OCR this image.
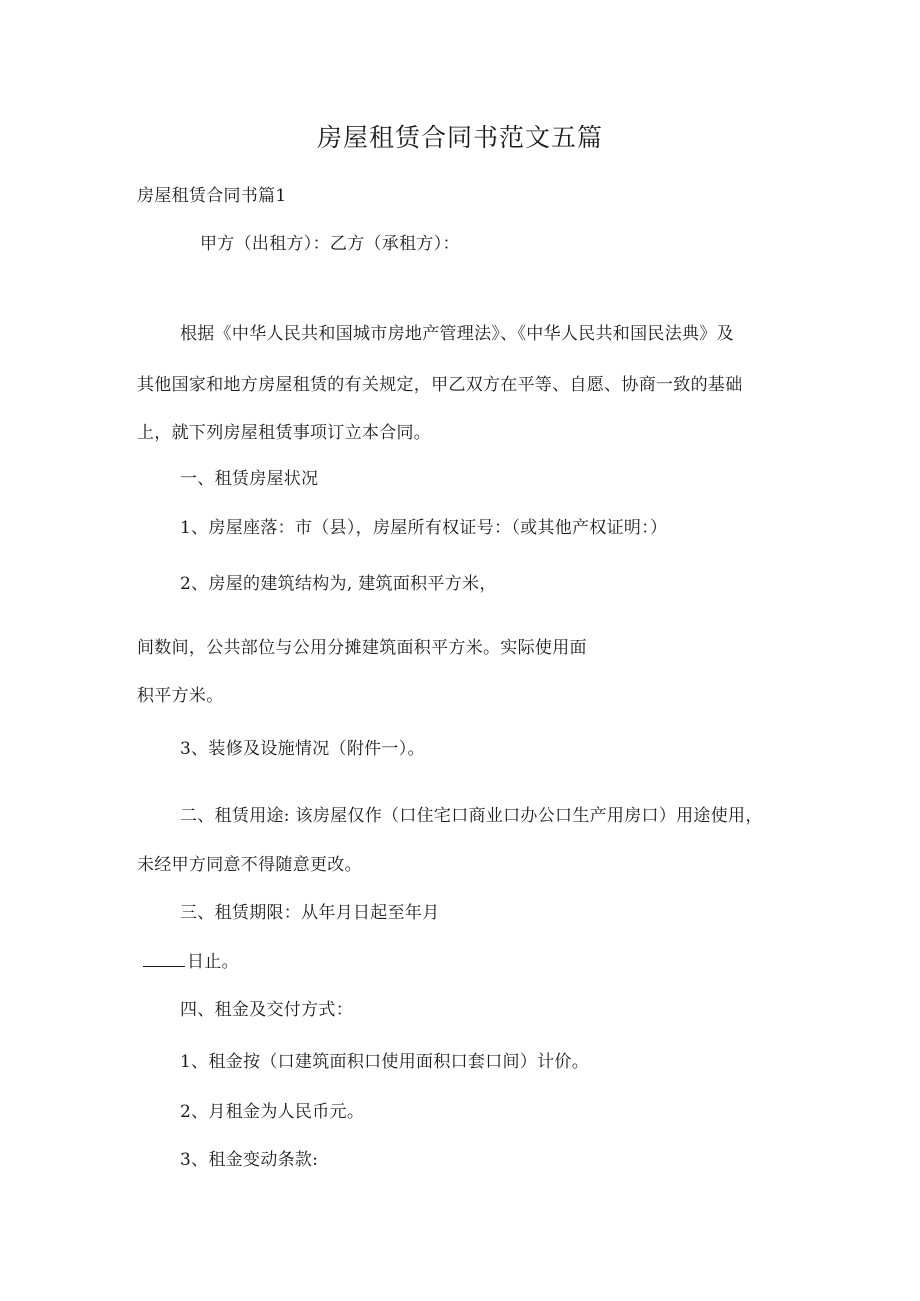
房屋租赁合同书范文五篇
房屋租赁合同书篇1
甲方（出租方）：乙方（承租方）：
根据《中华人民共和国城市房地产管理法》、《中华人民共和国民法典》及
其他国家和地方房屋租赁的有关规定，甲乙双方在平等、自愿、协商一致的基础
上，就下列房屋租赁事项订立本合同。
一、租赁房屋状况
1、房屋座落：市（县），房屋所有权证号：（或其他产权证明：）
2、房屋的建筑结构为, 建筑面积平方米，
间数间，公共部位与公用分摊建筑面积平方米。实际使用面
积平方米。
3、装修及设施情况（附件一）。
二、租赁用途: 该房屋仅作（口住宅口商业口办公口生产用房口）用途使用，
未经甲方同意不得随意更改。
三、租赁期限：从年月日起至年月
日止。
四、租金及交付方式：
1、租金按（口建筑面积口使用面积口套口间）计价。
2、月租金为人民币元。
3、租金变动条款:
